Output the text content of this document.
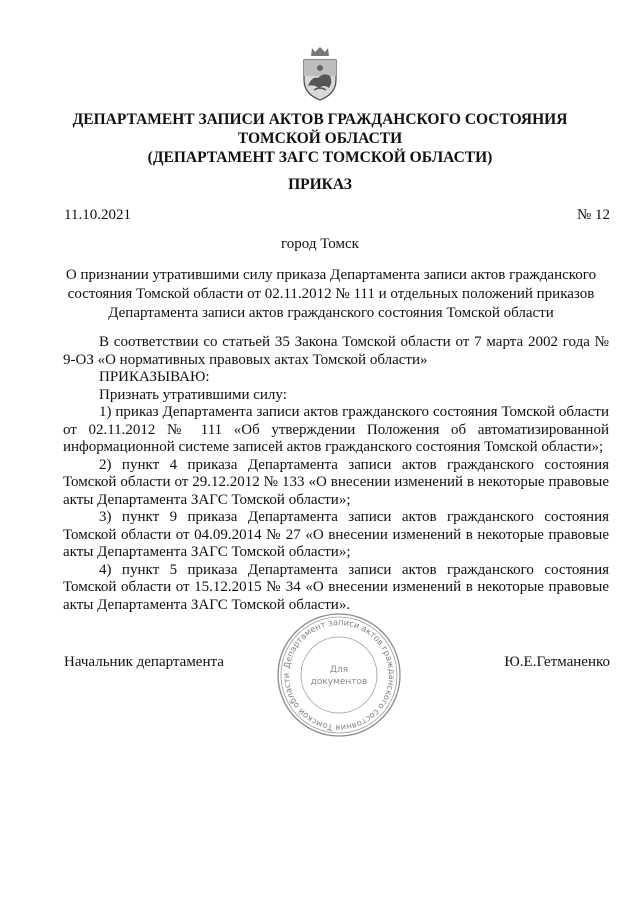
ДЕПАРТАМЕНТ ЗАПИСИ АКТОВ ГРАЖДАНСКОГО СОСТОЯНИЯ
ТОМСКОЙ ОБЛАСТИ
(ДЕПАРТАМЕНТ ЗАГС ТОМСКОЙ ОБЛАСТИ)
ПРИКАЗ
11.10.2021	№ 12
город Томск
О признании утратившими силу приказа Департамента записи актов гражданского
состояния Томской области от 02.11.2012 № 111 и отдельных положений приказов
Департамента записи актов гражданского состояния Томской области

В соответствии со статьей 35 Закона Томской области от 7 марта 2002 года № 9-ОЗ «О нормативных правовых актах Томской области»

ПРИКАЗЫВАЮ:

Признать утратившими силу:

1) приказ Департамента записи актов гражданского состояния Томской области от 02.11.2012 № 111 «Об утверждении Положения об автоматизированной информационной системе записей актов гражданского состояния Томской области»;

2) пункт 4 приказа Департамента записи актов гражданского состояния Томской области от 29.12.2012 № 133 «О внесении изменений в некоторые правовые акты Департамента ЗАГС Томской области»;

3) пункт 9 приказа Департамента записи актов гражданского состояния Томской области от 04.09.2014 № 27 «О внесении изменений в некоторые правовые акты Департамента ЗАГС Томской области»;

4) пункт 5 приказа Департамента записи актов гражданского состояния Томской области от 15.12.2015 № 34 «О внесении изменений в некоторые правовые акты Департамента ЗАГС Томской области».

Начальник департамента	Ю.Е.Гетманенко
Департамент записи актов гражданского состояния Томской области
Для
документов
